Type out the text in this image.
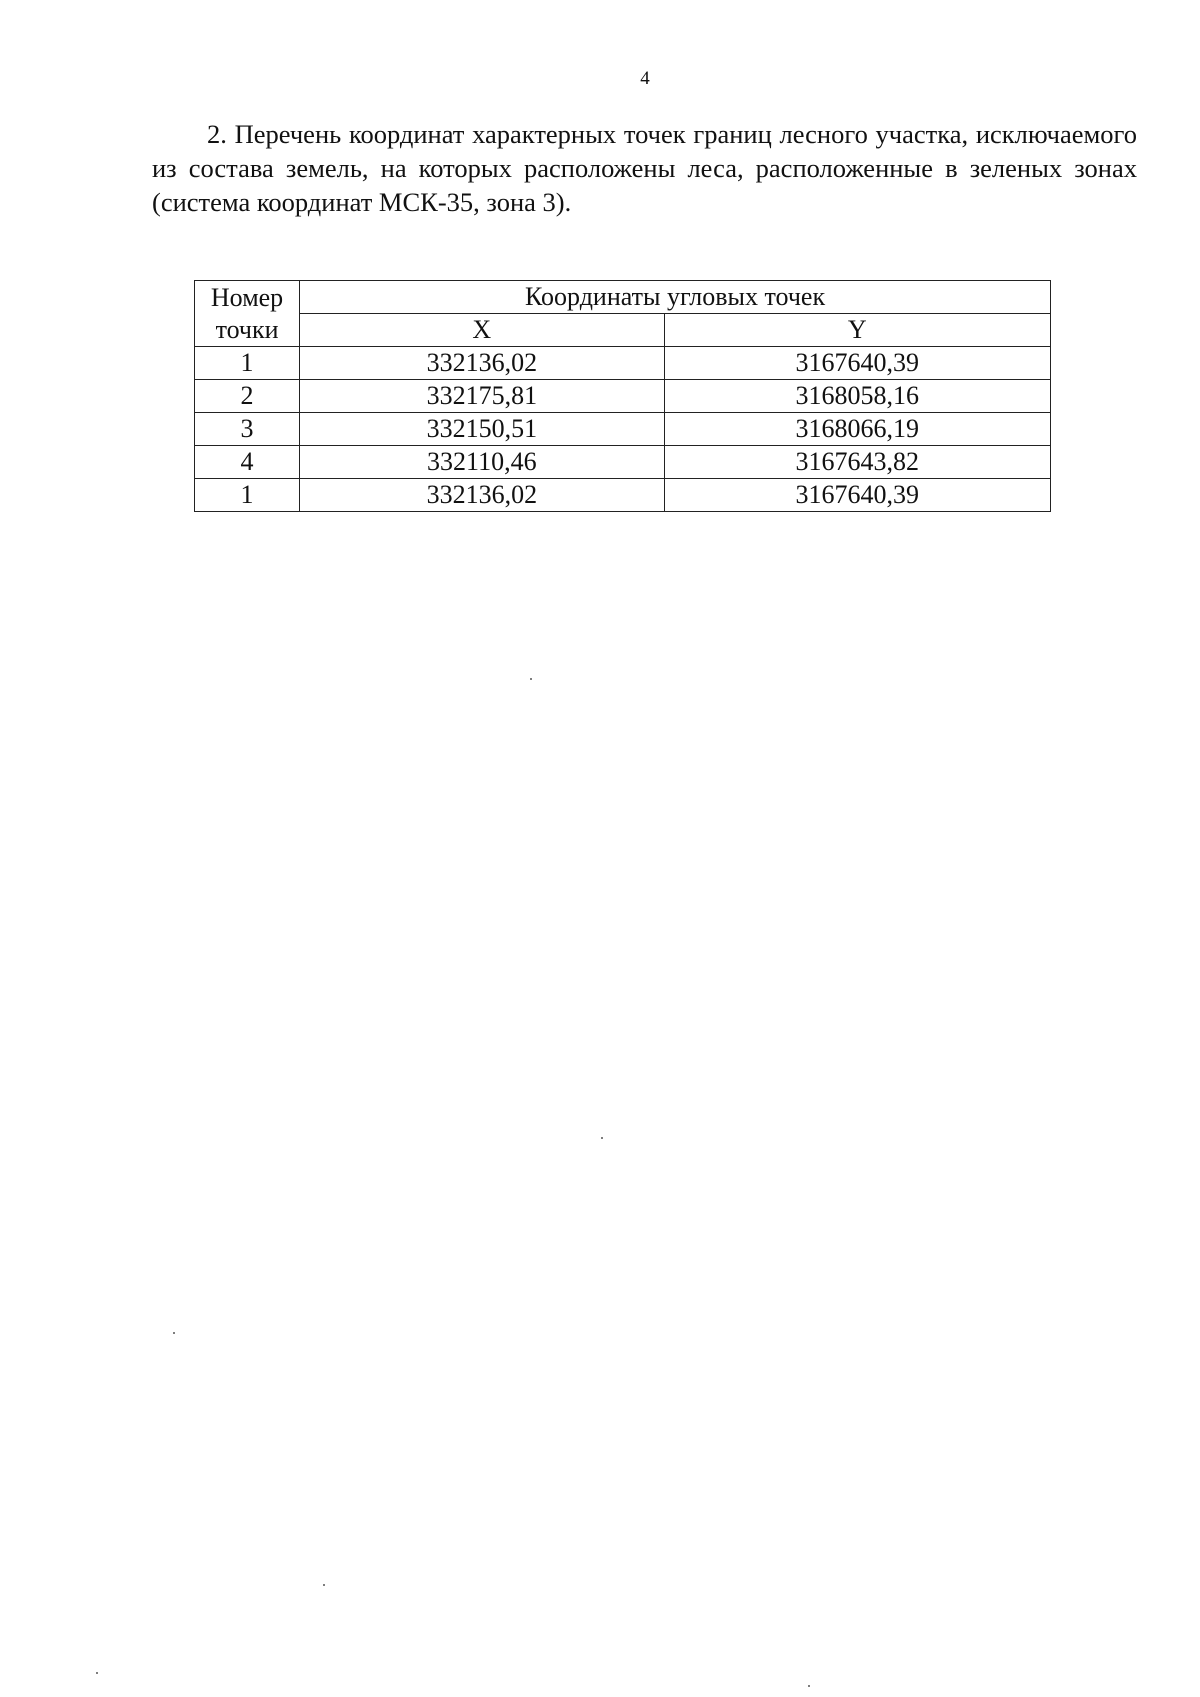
4
2. Перечень координат характерных точек границ лесного участка, исключаемого из состава земель, на которых расположены леса, расположенные в зеленых зонах (система координат МСК-35, зона 3).
Номер
точки	Координаты угловых точек	
	X	Y
1	332136,02	3167640,39
2	332175,81	3168058,16
3	332150,51	3168066,19
4	332110,46	3167643,82
1	332136,02	3167640,39
